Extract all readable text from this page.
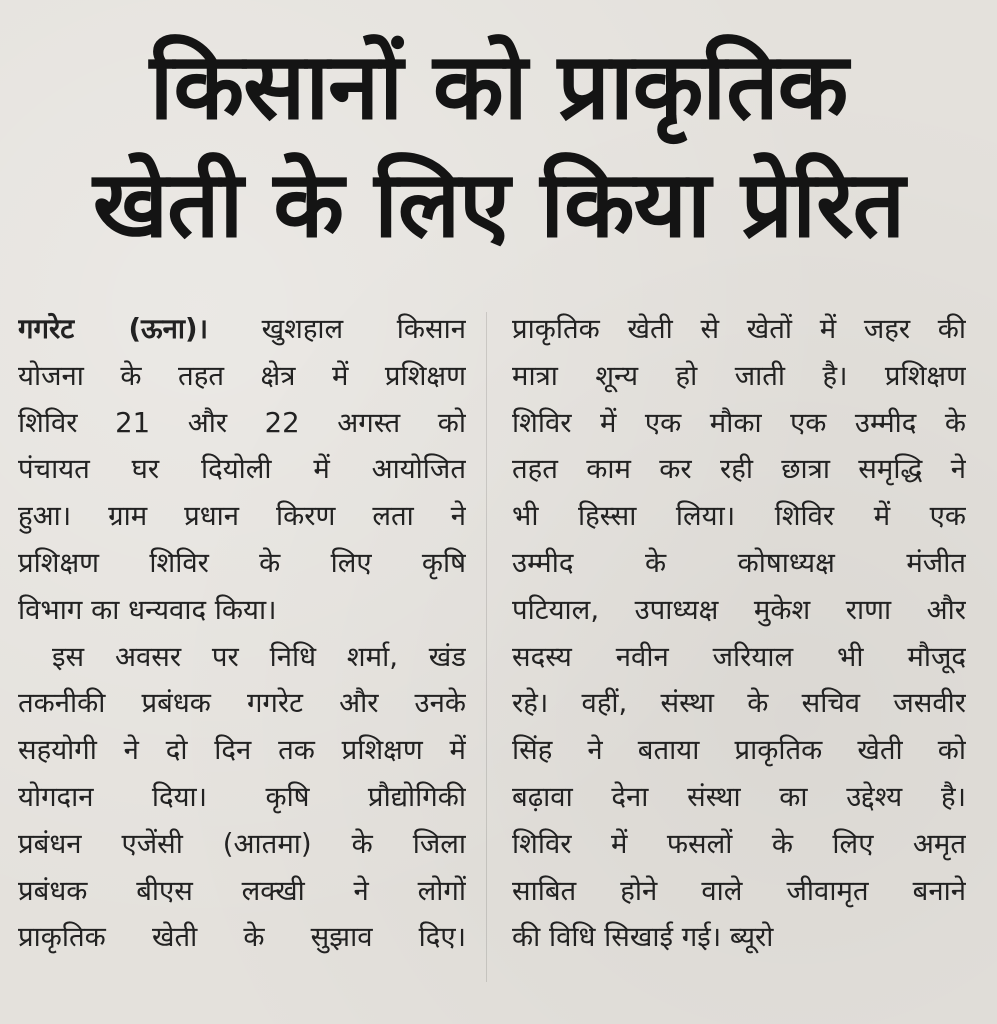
किसानों को प्राकृतिक
खेती के लिए किया प्रेरित
गगरेट (ऊना)। खुशहाल किसान
योजना के तहत क्षेत्र में प्रशिक्षण
शिविर 21 और 22 अगस्त को
पंचायत घर दियोली में आयोजित
हुआ। ग्राम प्रधान किरण लता ने
प्रशिक्षण शिविर के लिए कृषि
विभाग का धन्यवाद किया।
इस अवसर पर निधि शर्मा, खंड
तकनीकी प्रबंधक गगरेट और उनके
सहयोगी ने दो दिन तक प्रशिक्षण में
योगदान दिया। कृषि प्रौद्योगिकी
प्रबंधन एजेंसी (आतमा) के जिला
प्रबंधक बीएस लक्खी ने लोगों
प्राकृतिक खेती के सुझाव दिए।
प्राकृतिक खेती से खेतों में जहर की
मात्रा शून्य हो जाती है। प्रशिक्षण
शिविर में एक मौका एक उम्मीद के
तहत काम कर रही छात्रा समृद्धि ने
भी हिस्सा लिया। शिविर में एक
उम्मीद के कोषाध्यक्ष मंजीत
पटियाल, उपाध्यक्ष मुकेश राणा और
सदस्य नवीन जरियाल भी मौजूद
रहे। वहीं, संस्था के सचिव जसवीर
सिंह ने बताया प्राकृतिक खेती को
बढ़ावा देना संस्था का उद्देश्य है।
शिविर में फसलों के लिए अमृत
साबित होने वाले जीवामृत बनाने
की विधि सिखाई गई। ब्यूरो
